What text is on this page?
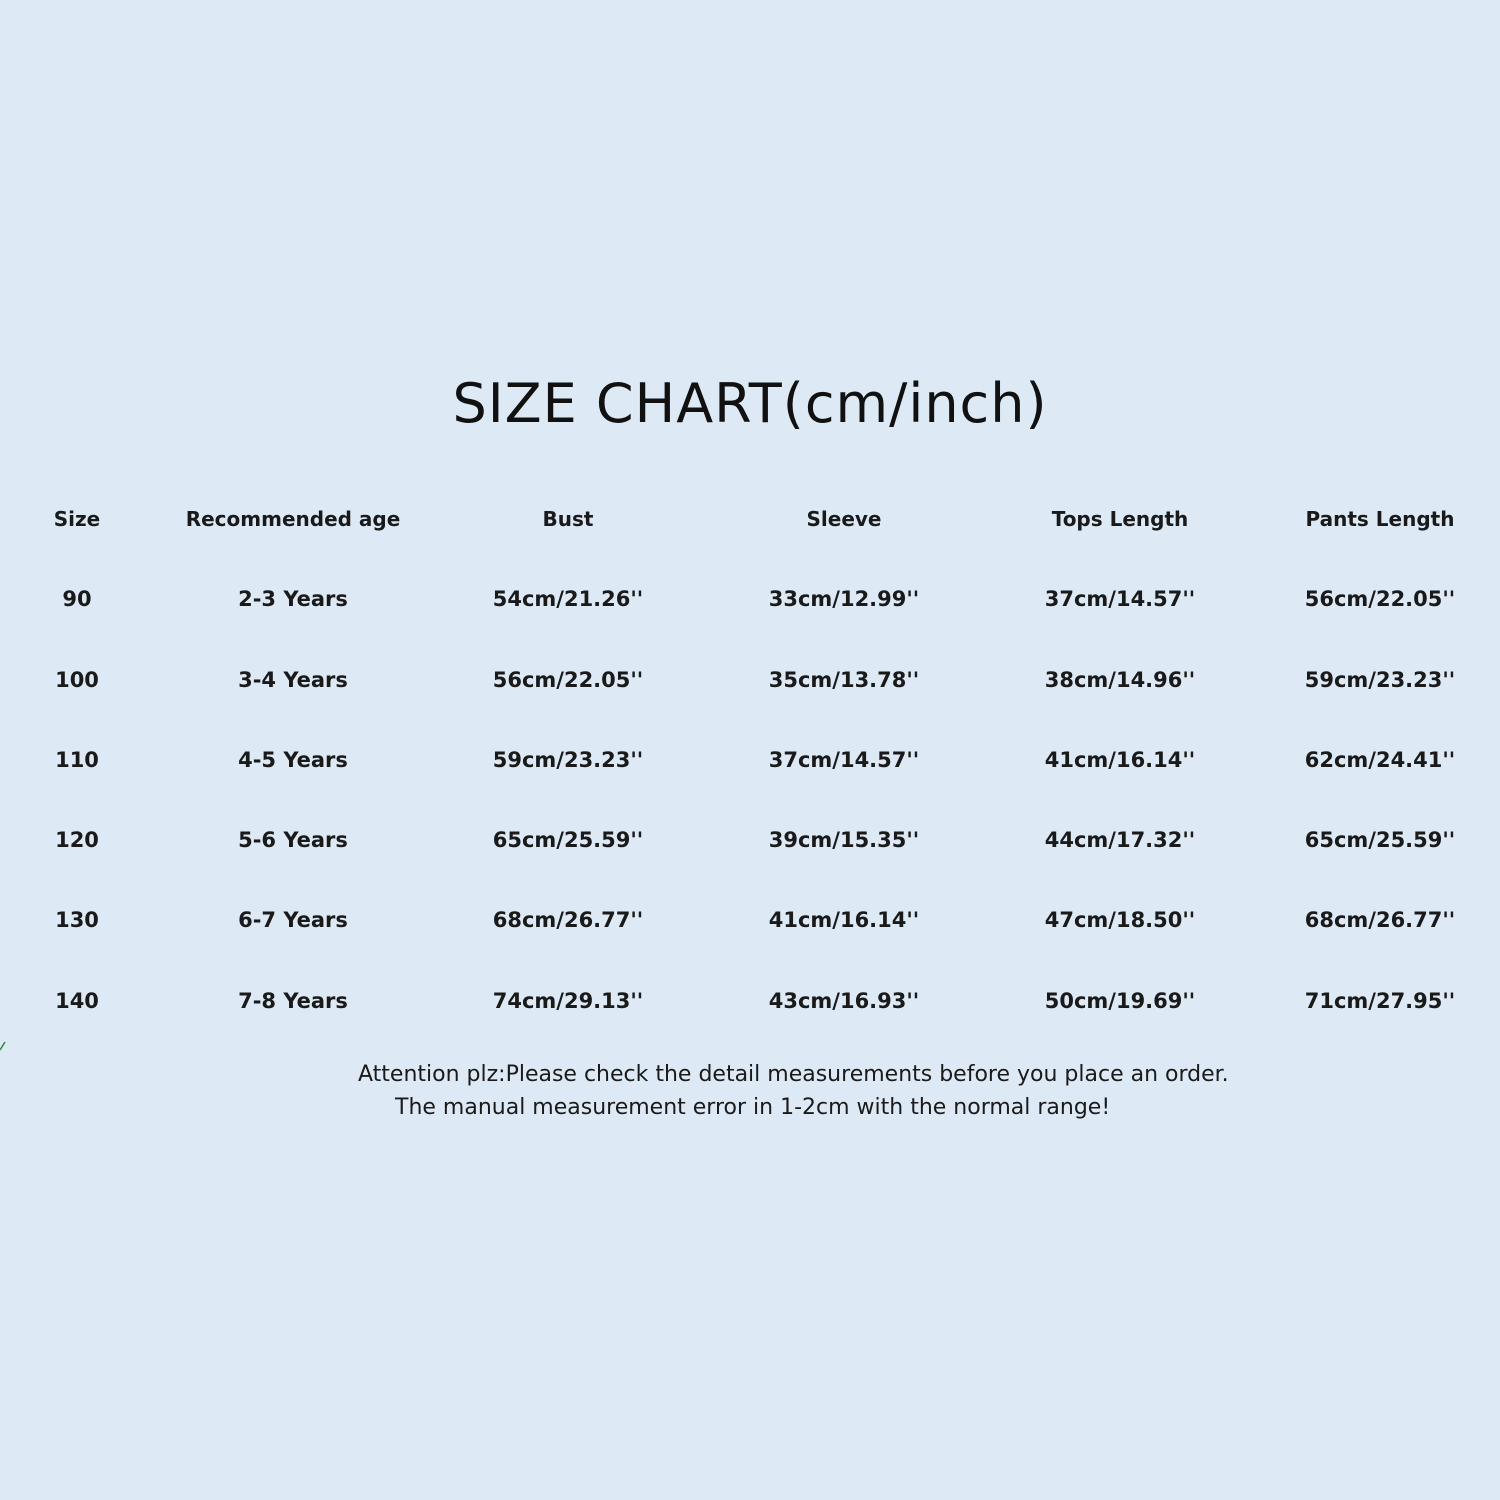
SIZE CHART(cm/inch)
Size	Recommended age	Bust	Sleeve	Tops Length	Pants Length
90	2-3 Years	54cm/21.26''	33cm/12.99''	37cm/14.57''	56cm/22.05''
100	3-4 Years	56cm/22.05''	35cm/13.78''	38cm/14.96''	59cm/23.23''
110	4-5 Years	59cm/23.23''	37cm/14.57''	41cm/16.14''	62cm/24.41''
120	5-6 Years	65cm/25.59''	39cm/15.35''	44cm/17.32''	65cm/25.59''
130	6-7 Years	68cm/26.77''	41cm/16.14''	47cm/18.50''	68cm/26.77''
140	7-8 Years	74cm/29.13''	43cm/16.93''	50cm/19.69''	71cm/27.95''
Attention plz:Please check the detail measurements before you place an order.
The manual measurement error in 1-2cm with the normal range!
